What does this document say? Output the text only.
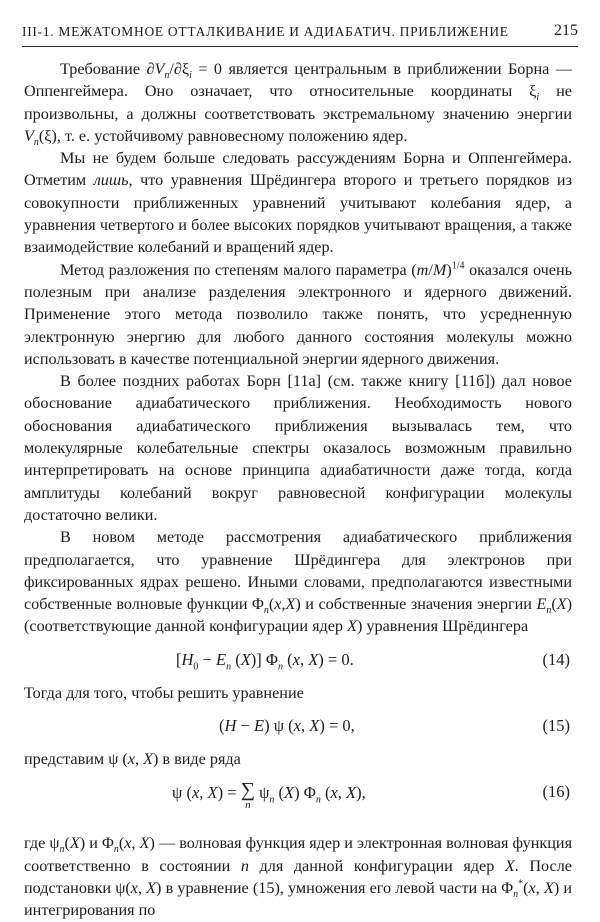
III-1. МЕЖАТОМНОЕ ОТТАЛКИВАНИЕ И АДИАБАТИЧ. ПРИБЛИЖЕНИЕ	215

Требование $\partial V_n/\partial\xi_i = 0$ является центральным в приближении Борна — Оппенгеймера. Оно означает, что относительные координаты $\xi_i$ не произвольны, а должны соответствовать экстремальному значению энергии $V_n(\xi)$, т. е. устойчивому равновесному положению ядер.

Мы не будем больше следовать рассуждениям Борна и Оппенгеймера. Отметим лишь, что уравнения Шрёдингера второго и третьего порядков из совокупности приближенных уравнений учитывают колебания ядер, а уравнения четвертого и более высоких порядков учитывают вращения, а также взаимодействие колебаний и вращений ядер.

Метод разложения по степеням малого параметра $(m/M)^{1/4}$ оказался очень полезным при анализе разделения электронного и ядерного движений. Применение этого метода позволило также понять, что усредненную электронную энергию для любого данного состояния молекулы можно использовать в качестве потенциальной энергии ядерного движения.

В более поздних работах Борн [11а] (см. также книгу [11б]) дал новое обоснование адиабатического приближения. Необходимость нового обоснования адиабатического приближения вызывалась тем, что молекулярные колебательные спектры оказалось возможным правильно интерпретировать на основе принципа адиабатичности даже тогда, когда амплитуды колебаний вокруг равновесной конфигурации молекулы достаточно велики.

В новом методе рассмотрения адиабатического приближения предполагается, что уравнение Шрёдингера для электронов при фиксированных ядрах решено. Иными словами, предполагаются известными собственные волновые функции $\Phi_n(x,X)$ и собственные значения энергии $E_n(X)$ (соответствующие данной конфигурации ядер X) уравнения Шрёдингера

[$H_0 - E_n$ (X)] $\Phi_n$ (x, X) = 0.	(14)

Тогда для того, чтобы решить уравнение

(H − E) ψ (x, X) = 0,	(15)

представим ψ (x, X) в виде ряда

ψ (x, X) = ∑
n
$\psi_n$ (X) $\Phi_n$ (x, X),	(16)

где $\psi_n(X)$ и $\Phi_n(x$, X) — волновая функция ядер и электронная волновая функция соответственно в состоянии n для данной конфигурации ядер X. После подстановки ψ(x, X) в уравнение (15), умножения его левой части на $\Phi_n^*(x$, X) и интегрирования по
